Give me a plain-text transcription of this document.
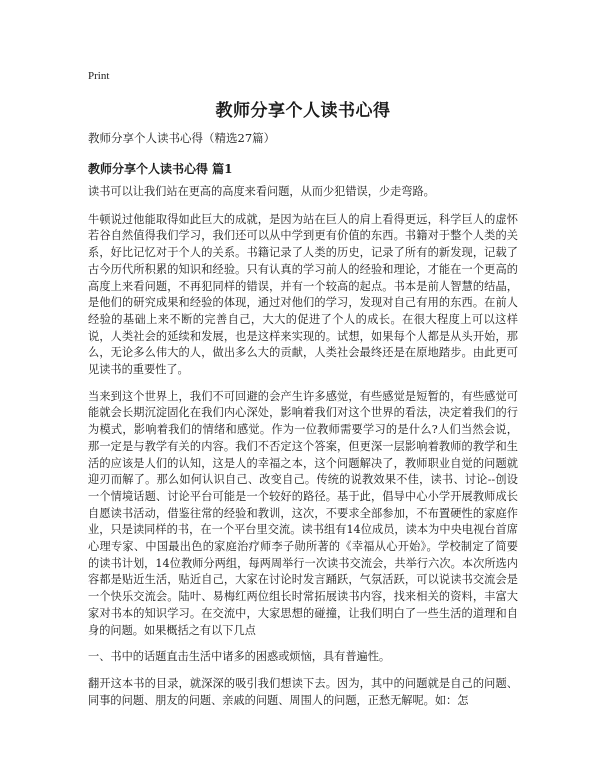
Print
教师分享个人读书心得

教师分享个人读书心得（精选27篇）

教师分享个人读书心得 篇1

读书可以让我们站在更高的高度来看问题，从而少犯错误，少走弯路。

牛顿说过他能取得如此巨大的成就，是因为站在巨人的肩上看得更远，科学巨人的虚怀若谷自然值得我们学习，我们还可以从中学到更有价值的东西。书籍对于整个人类的关系，好比记忆对于个人的关系。书籍记录了人类的历史，记录了所有的新发现，记载了古今历代所积累的知识和经验。只有认真的学习前人的经验和理论，才能在一个更高的高度上来看问题，不再犯同样的错误，并有一个较高的起点。书本是前人智慧的结晶，是他们的研究成果和经验的体现，通过对他们的学习，发现对自己有用的东西。在前人经验的基础上来不断的完善自己，大大的促进了个人的成长。在很大程度上可以这样说，人类社会的延续和发展，也是这样来实现的。试想，如果每个人都是从头开始，那么，无论多么伟大的人，做出多么大的贡献，人类社会最终还是在原地踏步。由此更可见读书的重要性了。

当来到这个世界上，我们不可回避的会产生许多感觉，有些感觉是短暂的，有些感觉可能就会长期沉淀固化在我们内心深处，影响着我们对这个世界的看法，决定着我们的行为模式，影响着我们的情绪和感觉。作为一位教师需要学习的是什么?人们当然会说，那一定是与教学有关的内容。我们不否定这个答案，但更深一层影响着教师的教学和生活的应该是人们的认知，这是人的幸福之本，这个问题解决了，教师职业自觉的问题就迎刃而解了。那么如何认识自己、改变自己。传统的说教效果不佳，读书、讨论--创设一个情境话题、讨论平台可能是一个较好的路径。基于此，倡导中心小学开展教师成长自愿读书活动，借鉴往常的经验和教训，这次，不要求全部参加，不布置硬性的家庭作业，只是读同样的书，在一个平台里交流。读书组有14位成员，读本为中央电视台首席心理专家、中国最出色的家庭治疗师李子勋所著的《幸福从心开始》。学校制定了简要的读书计划，14位教师分两组，每两周举行一次读书交流会，共举行六次。本次所选内容都是贴近生活，贴近自己，大家在讨论时发言踊跃，气氛活跃，可以说读书交流会是一个快乐交流会。陆叶、易梅红两位组长时常拓展读书内容，找来相关的资料，丰富大家对书本的知识学习。在交流中，大家思想的碰撞，让我们明白了一些生活的道理和自身的问题。如果概括之有以下几点

一、书中的话题直击生活中诸多的困惑或烦恼，具有普遍性。

翻开这本书的目录，就深深的吸引我们想读下去。因为，其中的问题就是自己的问题、同事的问题、朋友的问题、亲戚的问题、周围人的问题，正愁无解呢。如：怎
